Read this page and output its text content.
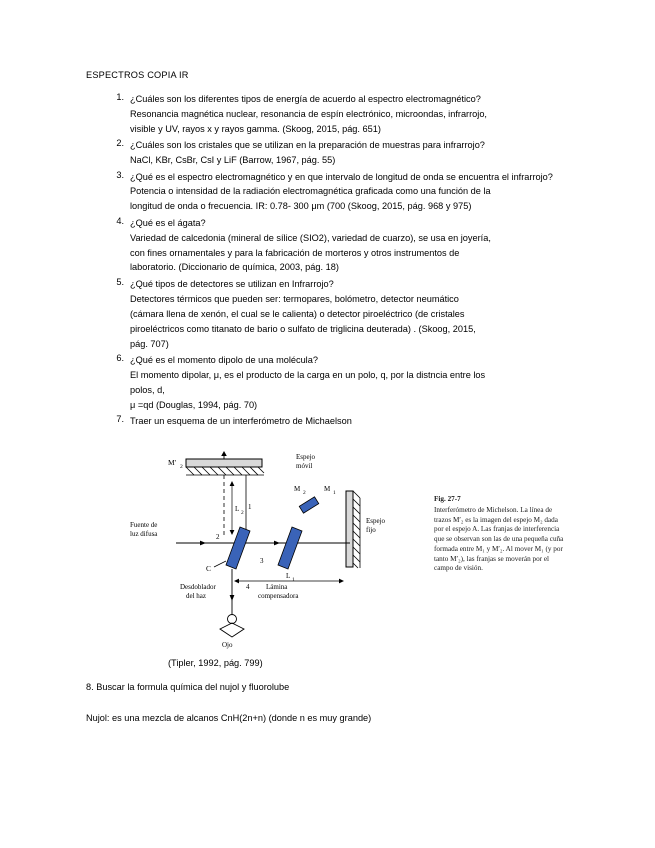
ESPECTROS COPIA IR
1. ¿Cuáles son los diferentes tipos de energía de acuerdo al espectro electromagnético?
Resonancia magnética nuclear, resonancia de espín electrónico, microondas, infrarrojo,
visible y UV, rayos x y rayos gamma. (Skoog, 2015, pág. 651)
2. ¿Cuáles son los cristales que se utilizan en la preparación de muestras para infrarrojo?
NaCl, KBr, CsBr, CsI y LiF (Barrow, 1967, pág. 55)
3. ¿Qué es el espectro electromagnético y en que intervalo de longitud de onda se encuentra el infrarrojo?
Potencia o intensidad de la radiación electromagnética graficada como una función de la
longitud de onda o frecuencia. IR: 0.78- 300 μm (700 (Skoog, 2015, pág. 968 y 975)
4. ¿Qué es el ágata?
Variedad de calcedonia (mineral de sílice (SIO2), variedad de cuarzo), se usa en joyería,
con fines ornamentales y para la fabricación de morteros y otros instrumentos de
laboratorio. (Diccionario de química, 2003, pág. 18)
5. ¿Qué tipos de detectores se utilizan en Infrarrojo?
Detectores térmicos que pueden ser: termopares, bolómetro, detector neumático
(cámara llena de xenón, el cual se le calienta) o detector piroeléctrico (de cristales
piroeléctricos como titanato de bario o sulfato de triglicina deuterada) . (Skoog, 2015,
pág. 707)
6. ¿Qué es el momento dipolo de una molécula?
El momento dipolar, μ, es el producto de la carga en un polo, q, por la distncia entre los
polos, d,
μ =qd (Douglas, 1994, pág. 70)
7. Traer un esquema de un interferómetro de Michaelson
M′ 2
Espejo
móvil
L 2
M 2	M 1
Espejo
fijo
Fuente de
luz difusa	2
1
3
4
C
Desdoblador
del haz
Lámina
compensadora
L 1
Ojo
Fig. 27-7
Interferómetro de Michelson. La línea de trazos M′₂ es la imagen del espejo M₂ dada por el espejo A. Las franjas de interferencia que se observan son las de una pequeña cuña formada entre M₁ y M′₂. Al mover M₁ (y por tanto M′₂), las franjas se moverán por el campo de visión.
(Tipler, 1992, pág. 799)

8. Buscar la formula química del nujol y fluorolube

Nujol: es una mezcla de alcanos CnH(2n+n) (donde n es muy grande)
